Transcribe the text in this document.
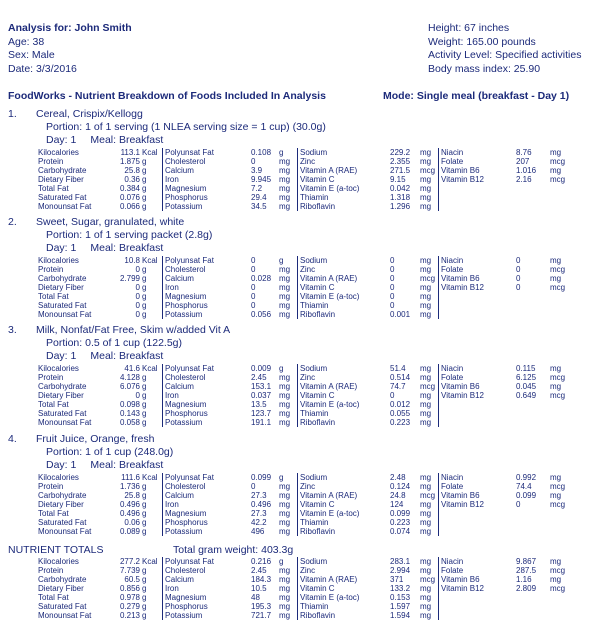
Analysis for: John Smith
Age: 38
Sex: Male
Date: 3/3/2016
Height: 67 inches
Weight: 165.00 pounds
Activity Level: Specified activities
Body mass index: 25.90
FoodWorks - Nutrient Breakdown of Foods Included In Analysis	Mode: Single meal (breakfast - Day 1)
1. Cereal, Crispix/Kellogg
Portion: 1 of 1 serving (1 NLEA serving size = 1 cup) (30.0g)
Day: 1 Meal: Breakfast
2. Sweet, Sugar, granulated, white
Portion: 1 of 1 serving packet (2.8g)
Day: 1 Meal: Breakfast
3. Milk, Nonfat/Fat Free, Skim w/added Vit A
Portion: 0.5 of 1 cup (122.5g)
Day: 1 Meal: Breakfast
4. Fruit Juice, Orange, fresh
Portion: 1 of 1 cup (248.0g)
Day: 1 Meal: Breakfast
NUTRIENT TOTALS	Total gram weight: 403.3g
Kilocalories	113.1	Kcal	Polyunsat Fat	0.108	g	Sodium	229.2	mg	Niacin	8.76	mg
Protein	1.875	g	Cholesterol	0	mg	Zinc	2.355	mg	Folate	207	mcg
Carbohydrate	25.8	g	Calcium	3.9	mg	Vitamin A (RAE)	271.5	mcg	Vitamin B6	1.016	mg
Dietary Fiber	0.36	g	Iron	9.945	mg	Vitamin C	9.15	mg	Vitamin B12	2.16	mcg
Total Fat	0.384	g	Magnesium	7.2	mg	Vitamin E (a-toc)	0.042	mg			
Saturated Fat	0.076	g	Phosphorus	29.4	mg	Thiamin	1.318	mg			
Monounsat Fat	0.066	g	Potassium	34.5	mg	Riboflavin	1.296	mg			
Kilocalories	10.8	Kcal	Polyunsat Fat	0	g	Sodium	0	mg	Niacin	0	mg
Protein	0	g	Cholesterol	0	mg	Zinc	0	mg	Folate	0	mcg
Carbohydrate	2.799	g	Calcium	0.028	mg	Vitamin A (RAE)	0	mcg	Vitamin B6	0	mg
Dietary Fiber	0	g	Iron	0	mg	Vitamin C	0	mg	Vitamin B12	0	mcg
Total Fat	0	g	Magnesium	0	mg	Vitamin E (a-toc)	0	mg			
Saturated Fat	0	g	Phosphorus	0	mg	Thiamin	0	mg			
Monounsat Fat	0	g	Potassium	0.056	mg	Riboflavin	0.001	mg			
Kilocalories	41.6	Kcal	Polyunsat Fat	0.009	g	Sodium	51.4	mg	Niacin	0.115	mg
Protein	4.128	g	Cholesterol	2.45	mg	Zinc	0.514	mg	Folate	6.125	mcg
Carbohydrate	6.076	g	Calcium	153.1	mg	Vitamin A (RAE)	74.7	mcg	Vitamin B6	0.045	mg
Dietary Fiber	0	g	Iron	0.037	mg	Vitamin C	0	mg	Vitamin B12	0.649	mcg
Total Fat	0.098	g	Magnesium	13.5	mg	Vitamin E (a-toc)	0.012	mg			
Saturated Fat	0.143	g	Phosphorus	123.7	mg	Thiamin	0.055	mg			
Monounsat Fat	0.058	g	Potassium	191.1	mg	Riboflavin	0.223	mg			
Kilocalories	111.6	Kcal	Polyunsat Fat	0.099	g	Sodium	2.48	mg	Niacin	0.992	mg
Protein	1.736	g	Cholesterol	0	mg	Zinc	0.124	mg	Folate	74.4	mcg
Carbohydrate	25.8	g	Calcium	27.3	mg	Vitamin A (RAE)	24.8	mcg	Vitamin B6	0.099	mg
Dietary Fiber	0.496	g	Iron	0.496	mg	Vitamin C	124	mg	Vitamin B12	0	mcg
Total Fat	0.496	g	Magnesium	27.3	mg	Vitamin E (a-toc)	0.099	mg			
Saturated Fat	0.06	g	Phosphorus	42.2	mg	Thiamin	0.223	mg			
Monounsat Fat	0.089	g	Potassium	496	mg	Riboflavin	0.074	mg			
Kilocalories	277.2	Kcal	Polyunsat Fat	0.216	g	Sodium	283.1	mg	Niacin	9.867	mg
Protein	7.739	g	Cholesterol	2.45	mg	Zinc	2.994	mg	Folate	287.5	mcg
Carbohydrate	60.5	g	Calcium	184.3	mg	Vitamin A (RAE)	371	mcg	Vitamin B6	1.16	mg
Dietary Fiber	0.856	g	Iron	10.5	mg	Vitamin C	133.2	mg	Vitamin B12	2.809	mcg
Total Fat	0.978	g	Magnesium	48	mg	Vitamin E (a-toc)	0.153	mg			
Saturated Fat	0.279	g	Phosphorus	195.3	mg	Thiamin	1.597	mg			
Monounsat Fat	0.213	g	Potassium	721.7	mg	Riboflavin	1.594	mg			
